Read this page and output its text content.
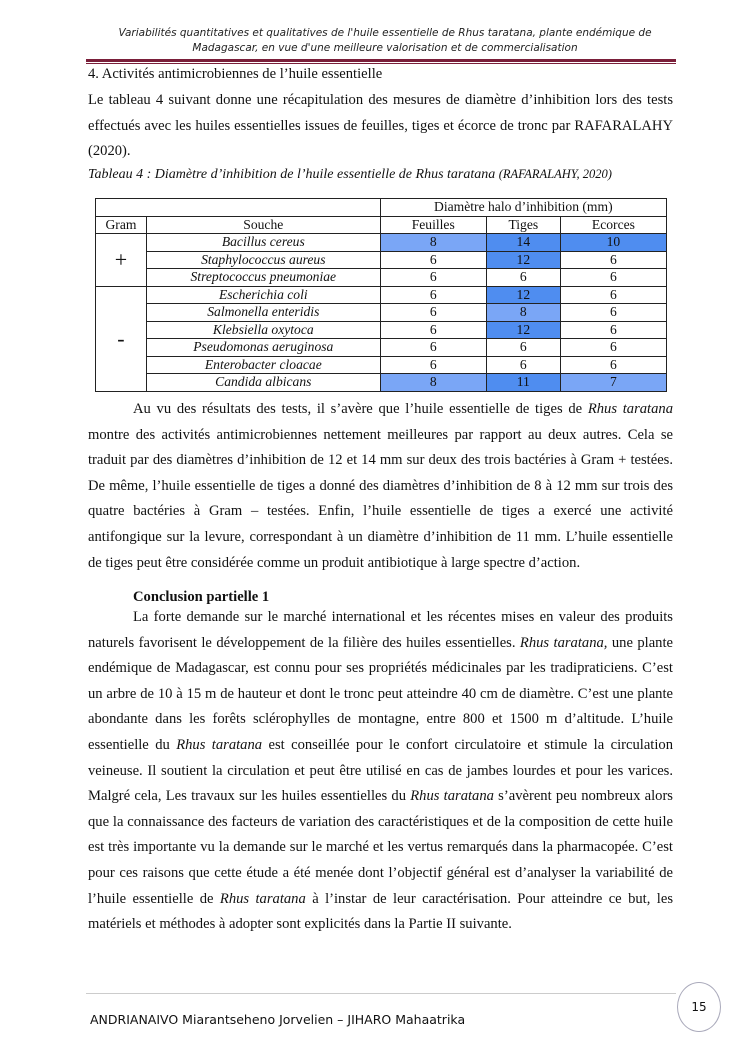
Variabilités quantitatives et qualitatives de l'huile essentielle de Rhus taratana, plante endémique de
Madagascar, en vue d'une meilleure valorisation et de commercialisation
4. Activités antimicrobiennes de l’huile essentielle

Le tableau 4 suivant donne une récapitulation des mesures de diamètre d’inhibition lors des tests effectués avec les huiles essentielles issues de feuilles, tiges et écorce de tronc par RAFARALAHY (2020).

Tableau 4 : Diamètre d’inhibition de l’huile essentielle de Rhus taratana (RAFARALAHY, 2020)
		Diamètre halo d’inhibition (mm)		
Gram	Souche	Feuilles	Tiges	Ecorces
+	Bacillus cereus	8	14	10
	Staphylococcus aureus	6	12	6
	Streptococcus pneumoniae	6	6	6
-	Escherichia coli	6	12	6
	Salmonella enteridis	6	8	6
	Klebsiella oxytoca	6	12	6
	Pseudomonas aeruginosa	6	6	6
	Enterobacter cloacae	6	6	6
	Candida albicans	8	11	7

Au vu des résultats des tests, il s’avère que l’huile essentielle de tiges de Rhus taratana montre des activités antimicrobiennes nettement meilleures par rapport au deux autres. Cela se traduit par des diamètres d’inhibition de 12 et 14 mm sur deux des trois bactéries à Gram + testées. De même, l’huile essentielle de tiges a donné des diamètres d’inhibition de 8 à 12 mm sur trois des quatre bactéries à Gram – testées. Enfin, l’huile essentielle de tiges a exercé une activité antifongique sur la levure, correspondant à un diamètre d’inhibition de 11 mm. L’huile essentielle de tiges peut être considérée comme un produit antibiotique à large spectre d’action.

Conclusion partielle 1

La forte demande sur le marché international et les récentes mises en valeur des produits naturels favorisent le développement de la filière des huiles essentielles. Rhus taratana, une plante endémique de Madagascar, est connu pour ses propriétés médicinales par les tradipraticiens. C’est un arbre de 10 à 15 m de hauteur et dont le tronc peut atteindre 40 cm de diamètre. C’est une plante abondante dans les forêts sclérophylles de montagne, entre 800 et 1500 m d’altitude. L’huile essentielle du Rhus taratana est conseillée pour le confort circulatoire et stimule la circulation veineuse. Il soutient la circulation et peut être utilisé en cas de jambes lourdes et pour les varices. Malgré cela, Les travaux sur les huiles essentielles du Rhus taratana s’avèrent peu nombreux alors que la connaissance des facteurs de variation des caractéristiques et de la composition de cette huile est très importante vu la demande sur le marché et les vertus remarqués dans la pharmacopée. C’est pour ces raisons que cette étude a été menée dont l’objectif général est d’analyser la variabilité de l’huile essentielle de Rhus taratana à l’instar de leur caractérisation. Pour atteindre ce but, les matériels et méthodes à adopter sont explicités dans la Partie II suivante.

ANDRIANAIVO Miarantseheno Jorvelien – JIHARO Mahaatrika
15
